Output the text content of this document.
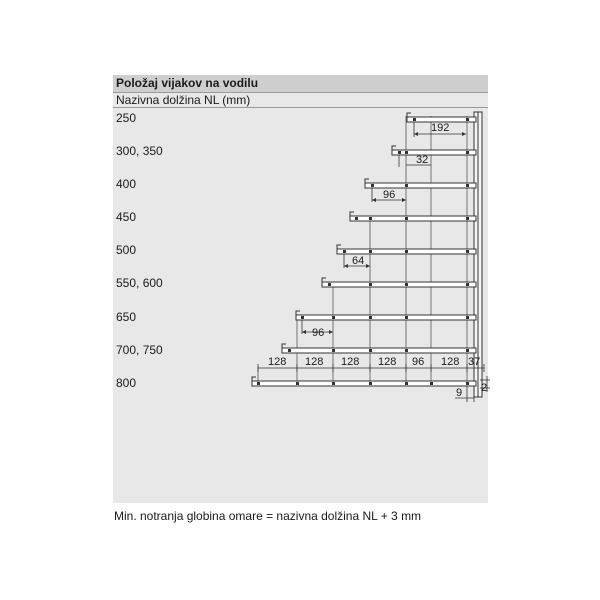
Položaj vijakov na vodilu
Nazivna dolžina NL (mm)
250
300, 350
400
450
500
550, 600
650
700, 750
800
192
32
96
64
96
128 128 128 128 96 128 37
9 2
Min. notranja globina omare = nazivna dolžina NL + 3 mm
